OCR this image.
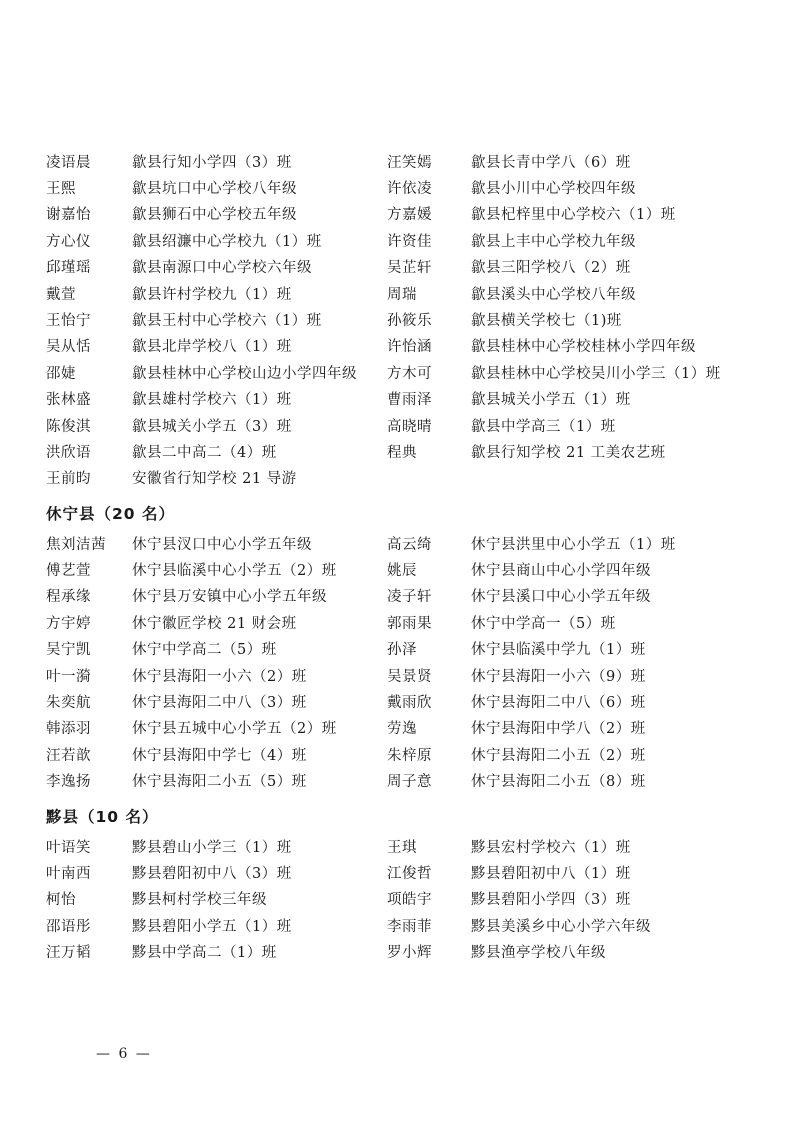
凌语晨	歙县行知小学四（3）班	汪笑嫣	歙县长青中学八（6）班
王熙	歙县坑口中心学校八年级	许依凌	歙县小川中心学校四年级
谢嘉怡	歙县狮石中心学校五年级	方嘉媛	歙县杞梓里中心学校六（1）班
方心仪	歙县绍濂中心学校九（1）班	许资佳	歙县上丰中心学校九年级
邱瑾瑶	歙县南源口中心学校六年级	吴芷轩	歙县三阳学校八（2）班
戴萱	歙县许村学校九（1）班	周瑞	歙县溪头中心学校八年级
王怡宁	歙县王村中心学校六（1）班	孙筱乐	歙县横关学校七（1)班
吴从恬	歙县北岸学校八（1）班	许怡涵	歙县桂林中心学校桂林小学四年级
邵婕	歙县桂林中心学校山边小学四年级	方木可	歙县桂林中心学校吴川小学三（1）班
张林盛	歙县雄村学校六（1）班	曹雨泽	歙县城关小学五（1）班
陈俊淇	歙县城关小学五（3）班	高晓晴	歙县中学高三（1）班
洪欣语	歙县二中高二（4）班	程典	歙县行知学校 21 工美农艺班
王前昀	安徽省行知学校 21 导游
休宁县（20 名）
焦刘洁茜	休宁县汊口中心小学五年级	高云绮	休宁县洪里中心小学五（1）班
傅艺萱	休宁县临溪中心小学五（2）班	姚辰	休宁县商山中心小学四年级
程承缘	休宁县万安镇中心小学五年级	凌子轩	休宁县溪口中心小学五年级
方宇婷	休宁徽匠学校 21 财会班	郭雨果	休宁中学高一（5）班
吴宁凯	休宁中学高二（5）班	孙泽	休宁县临溪中学九（1）班
叶一漪	休宁县海阳一小六（2）班	吴景贤	休宁县海阳一小六（9）班
朱奕航	休宁县海阳二中八（3）班	戴雨欣	休宁县海阳二中八（6）班
韩添羽	休宁县五城中心小学五（2）班	劳逸	休宁县海阳中学八（2）班
汪若歆	休宁县海阳中学七（4）班	朱梓原	休宁县海阳二小五（2）班
李逸扬	休宁县海阳二小五（5）班	周子意	休宁县海阳二小五（8）班
黟县（10 名）
叶语笑	黟县碧山小学三（1）班	王琪	黟县宏村学校六（1）班
叶南西	黟县碧阳初中八（3）班	江俊哲	黟县碧阳初中八（1）班
柯怡	黟县柯村学校三年级	项皓宇	黟县碧阳小学四（3）班
邵语彤	黟县碧阳小学五（1）班	李雨菲	黟县美溪乡中心小学六年级
汪万韬	黟县中学高二（1）班	罗小辉	黟县渔亭学校八年级
— 6 —
